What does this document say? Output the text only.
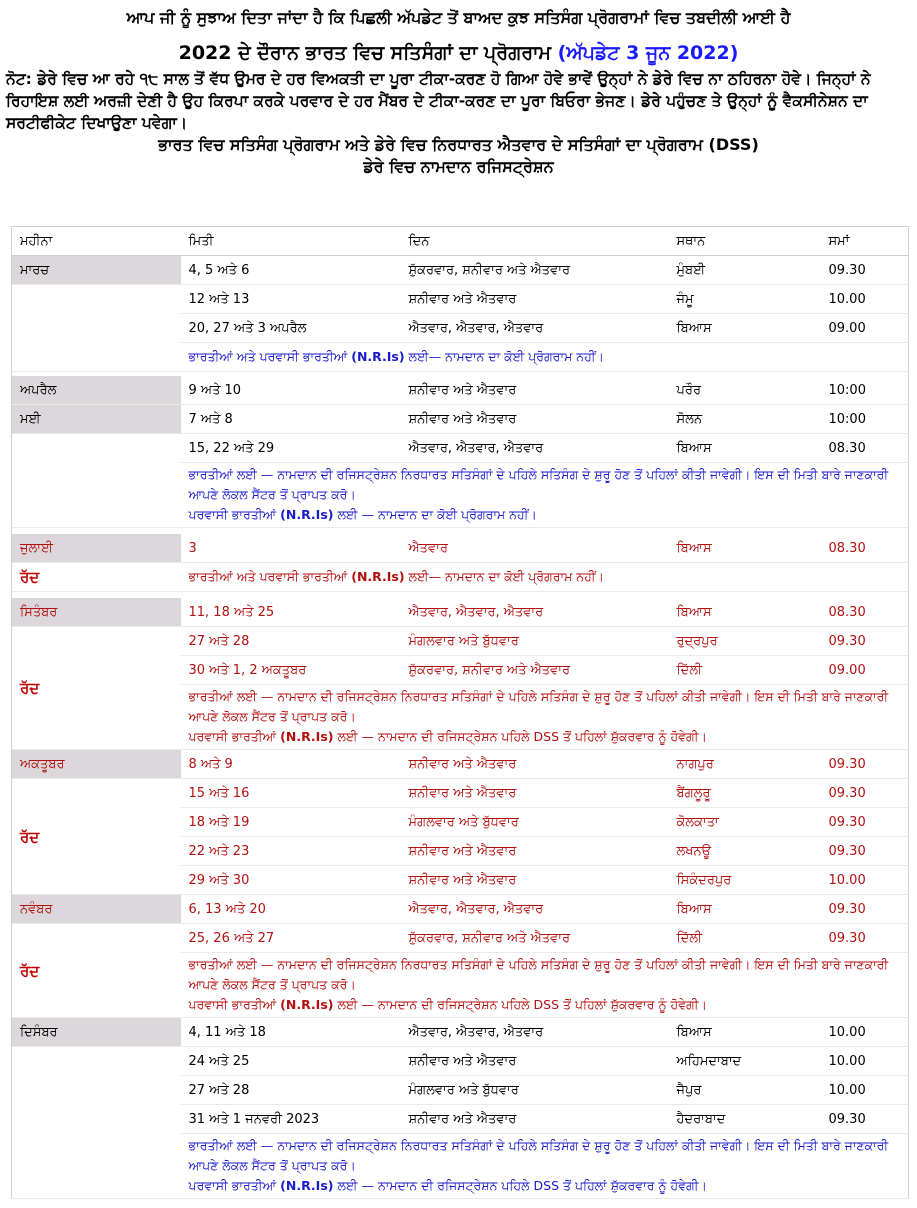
ਆਪ ਜੀ ਨੂੰ ਸੁਝਾਅ ਦਿਤਾ ਜਾਂਦਾ ਹੈ ਕਿ ਪਿਛਲੀ ਅੱਪਡੇਟ ਤੋਂ ਬਾਅਦ ਕੁਝ ਸਤਿਸੰਗ ਪ੍ਰੋਗਰਾਮਾਂ ਵਿਚ ਤਬਦੀਲੀ ਆਈ ਹੈ
2022 ਦੇ ਦੌਰਾਨ ਭਾਰਤ ਵਿਚ ਸਤਿਸੰਗਾਂ ਦਾ ਪ੍ਰੋਗਰਾਮ (ਅੱਪਡੇਟ 3 ਜੂਨ 2022)
ਨੋਟ: ਡੇਰੇ ਵਿਚ ਆ ਰਹੇ ੧੮ ਸਾਲ ਤੋਂ ਵੱਧ ਉਮਰ ਦੇ ਹਰ ਵਿਅਕਤੀ ਦਾ ਪੂਰਾ ਟੀਕਾ-ਕਰਣ ਹੋ ਗਿਆ ਹੋਵੇ ਭਾਵੇਂ ਉਨ੍ਹਾਂ ਨੇ ਡੇਰੇ ਵਿਚ ਨਾ ਠਹਿਰਨਾ ਹੋਵੇ। ਜਿਨ੍ਹਾਂ ਨੇ ਰਿਹਾਇਸ਼ ਲਈ ਅਰਜ਼ੀ ਦੇਣੀ ਹੈ ਉਹ ਕਿਰਪਾ ਕਰਕੇ ਪਰਵਾਰ ਦੇ ਹਰ ਮੈਂਬਰ ਦੇ ਟੀਕਾ-ਕਰਣ ਦਾ ਪੂਰਾ ਬਿਓਰਾ ਭੇਜਣ। ਡੇਰੇ ਪਹੁੰਚਣ ਤੇ ਉਨ੍ਹਾਂ ਨੂੰ ਵੈਕਸੀਨੇਸ਼ਨ ਦਾ ਸਰਟੀਫੀਕੇਟ ਦਿਖਾਉਣਾ ਪਵੇਗਾ।
ਭਾਰਤ ਵਿਚ ਸਤਿਸੰਗ ਪ੍ਰੋਗਰਾਮ ਅਤੇ ਡੇਰੇ ਵਿਚ ਨਿਰਧਾਰਤ ਐਤਵਾਰ ਦੇ ਸਤਿਸੰਗਾਂ ਦਾ ਪ੍ਰੋਗਰਾਮ (DSS)
ਡੇਰੇ ਵਿਚ ਨਾਮਦਾਨ ਰਜਿਸਟ੍ਰੇਸ਼ਨ
ਮਹੀਨਾ	ਮਿਤੀ	ਦਿਨ	ਸਥਾਨ	ਸਮਾਂ
ਮਾਰਚ	4, 5 ਅਤੇ 6	ਸ਼ੁੱਕਰਵਾਰ, ਸ਼ਨੀਵਾਰ ਅਤੇ ਐਤਵਾਰ	ਮੁੰਬਈ	09.30
	12 ਅਤੇ 13	ਸ਼ਨੀਵਾਰ ਅਤੇ ਐਤਵਾਰ	ਜੰਮੂ	10.00
	20, 27 ਅਤੇ 3 ਅਪਰੈਲ	ਐਤਵਾਰ, ਐਤਵਾਰ, ਐਤਵਾਰ	ਬਿਆਸ	09.00
	ਭਾਰਤੀਆਂ ਅਤੇ ਪਰਵਾਸੀ ਭਾਰਤੀਆਂ (N.R.Is) ਲਈ— ਨਾਮਦਾਨ ਦਾ ਕੋਈ ਪ੍ਰੋਗਰਾਮ ਨਹੀਂ।			

ਅਪਰੈਲ	9 ਅਤੇ 10	ਸ਼ਨੀਵਾਰ ਅਤੇ ਐਤਵਾਰ	ਪਰੌਰ	10:00
ਮਈ	7 ਅਤੇ 8	ਸ਼ਨੀਵਾਰ ਅਤੇ ਐਤਵਾਰ	ਸੋਲਨ	10:00
	15, 22 ਅਤੇ 29	ਐਤਵਾਰ, ਐਤਵਾਰ, ਐਤਵਾਰ	ਬਿਆਸ	08.30

	ਭਾਰਤੀਆਂ ਲਈ — ਨਾਮਦਾਨ ਦੀ ਰਜਿਸਟ੍ਰੇਸ਼ਨ ਨਿਰਧਾਰਤ ਸਤਿਸੰਗਾਂ ਦੇ ਪਹਿਲੇ ਸਤਿਸੰਗ ਦੇ ਸ਼ੁਰੂ ਹੋਣ ਤੋਂ ਪਹਿਲਾਂ ਕੀਤੀ ਜਾਵੇਗੀ। ਇਸ ਦੀ ਮਿਤੀ ਬਾਰੇ ਜਾਣਕਾਰੀ ਆਪਣੇ ਲੋਕਲ ਸੈਂਟਰ ਤੋਂ ਪ੍ਰਾਪਤ ਕਰੋ।
ਪਰਵਾਸੀ ਭਾਰਤੀਆਂ (N.R.Is) ਲਈ — ਨਾਮਦਾਨ ਦਾ ਕੋਈ ਪ੍ਰੋਗਰਾਮ ਨਹੀਂ।			

ਜੁਲਾਈ	3	ਐਤਵਾਰ	ਬਿਆਸ	08.30
ਰੱਦ	ਭਾਰਤੀਆਂ ਅਤੇ ਪਰਵਾਸੀ ਭਾਰਤੀਆਂ (N.R.Is) ਲਈ— ਨਾਮਦਾਨ ਦਾ ਕੋਈ ਪ੍ਰੋਗਰਾਮ ਨਹੀਂ।			

ਸਿਤੰਬਰ	11, 18 ਅਤੇ 25	ਐਤਵਾਰ, ਐਤਵਾਰ, ਐਤਵਾਰ	ਬਿਆਸ	08.30
ਰੱਦ	27 ਅਤੇ 28	ਮੰਗਲਵਾਰ ਅਤੇ ਬੁੱਧਵਾਰ	ਰੁਦ੍ਰਪੁਰ	09.30
	30 ਅਤੇ 1, 2 ਅਕਤੂਬਰ	ਸ਼ੁੱਕਰਵਾਰ, ਸ਼ਨੀਵਾਰ ਅਤੇ ਐਤਵਾਰ	ਦਿੱਲੀ	09.00

	ਭਾਰਤੀਆਂ ਲਈ — ਨਾਮਦਾਨ ਦੀ ਰਜਿਸਟ੍ਰੇਸ਼ਨ ਨਿਰਧਾਰਤ ਸਤਿਸੰਗਾਂ ਦੇ ਪਹਿਲੇ ਸਤਿਸੰਗ ਦੇ ਸ਼ੁਰੂ ਹੋਣ ਤੋਂ ਪਹਿਲਾਂ ਕੀਤੀ ਜਾਵੇਗੀ। ਇਸ ਦੀ ਮਿਤੀ ਬਾਰੇ ਜਾਣਕਾਰੀ ਆਪਣੇ ਲੋਕਲ ਸੈਂਟਰ ਤੋਂ ਪ੍ਰਾਪਤ ਕਰੋ।
ਪਰਵਾਸੀ ਭਾਰਤੀਆਂ (N.R.Is) ਲਈ — ਨਾਮਦਾਨ ਦੀ ਰਜਿਸਟ੍ਰੇਸ਼ਨ ਪਹਿਲੇ DSS ਤੋਂ ਪਹਿਲਾਂ ਸ਼ੁੱਕਰਵਾਰ ਨੂੰ ਹੋਵੇਗੀ।			

ਅਕਤੂਬਰ	8 ਅਤੇ 9	ਸ਼ਨੀਵਾਰ ਅਤੇ ਐਤਵਾਰ	ਨਾਗਪੁਰ	09.30
ਰੱਦ	15 ਅਤੇ 16	ਸ਼ਨੀਵਾਰ ਅਤੇ ਐਤਵਾਰ	ਬੈਂਗਲੂਰੂ	09.30
	18 ਅਤੇ 19	ਮੰਗਲਵਾਰ ਅਤੇ ਬੁੱਧਵਾਰ	ਕੋਲਕਾਤਾ	09.30
	22 ਅਤੇ 23	ਸ਼ਨੀਵਾਰ ਅਤੇ ਐਤਵਾਰ	ਲਖਨਊ	09.30
	29 ਅਤੇ 30	ਸ਼ਨੀਵਾਰ ਅਤੇ ਐਤਵਾਰ	ਸਿਕੰਦਰਪੁਰ	10.00
ਨਵੰਬਰ	6, 13 ਅਤੇ 20	ਐਤਵਾਰ, ਐਤਵਾਰ, ਐਤਵਾਰ	ਬਿਆਸ	09.30
ਰੱਦ	25, 26 ਅਤੇ 27	ਸ਼ੁੱਕਰਵਾਰ, ਸ਼ਨੀਵਾਰ ਅਤੇ ਐਤਵਾਰ	ਦਿੱਲੀ	09.30

	ਭਾਰਤੀਆਂ ਲਈ — ਨਾਮਦਾਨ ਦੀ ਰਜਿਸਟ੍ਰੇਸ਼ਨ ਨਿਰਧਾਰਤ ਸਤਿਸੰਗਾਂ ਦੇ ਪਹਿਲੇ ਸਤਿਸੰਗ ਦੇ ਸ਼ੁਰੂ ਹੋਣ ਤੋਂ ਪਹਿਲਾਂ ਕੀਤੀ ਜਾਵੇਗੀ। ਇਸ ਦੀ ਮਿਤੀ ਬਾਰੇ ਜਾਣਕਾਰੀ ਆਪਣੇ ਲੋਕਲ ਸੈਂਟਰ ਤੋਂ ਪ੍ਰਾਪਤ ਕਰੋ।
ਪਰਵਾਸੀ ਭਾਰਤੀਆਂ (N.R.Is) ਲਈ — ਨਾਮਦਾਨ ਦੀ ਰਜਿਸਟ੍ਰੇਸ਼ਨ ਪਹਿਲੇ DSS ਤੋਂ ਪਹਿਲਾਂ ਸ਼ੁੱਕਰਵਾਰ ਨੂੰ ਹੋਵੇਗੀ।			

ਦਿਸੰਬਰ	4, 11 ਅਤੇ 18	ਐਤਵਾਰ, ਐਤਵਾਰ, ਐਤਵਾਰ	ਬਿਆਸ	10.00
	24 ਅਤੇ 25	ਸ਼ਨੀਵਾਰ ਅਤੇ ਐਤਵਾਰ	ਅਹਿਮਦਾਬਾਦ	10.00
	27 ਅਤੇ 28	ਮੰਗਲਵਾਰ ਅਤੇ ਬੁੱਧਵਾਰ	ਜੈਪੁਰ	10.00
	31 ਅਤੇ 1 ਜਨਵਰੀ 2023	ਸ਼ਨੀਵਾਰ ਅਤੇ ਐਤਵਾਰ	ਹੈਦਰਾਬਾਦ	09.30

	ਭਾਰਤੀਆਂ ਲਈ — ਨਾਮਦਾਨ ਦੀ ਰਜਿਸਟ੍ਰੇਸ਼ਨ ਨਿਰਧਾਰਤ ਸਤਿਸੰਗਾਂ ਦੇ ਪਹਿਲੇ ਸਤਿਸੰਗ ਦੇ ਸ਼ੁਰੂ ਹੋਣ ਤੋਂ ਪਹਿਲਾਂ ਕੀਤੀ ਜਾਵੇਗੀ। ਇਸ ਦੀ ਮਿਤੀ ਬਾਰੇ ਜਾਣਕਾਰੀ ਆਪਣੇ ਲੋਕਲ ਸੈਂਟਰ ਤੋਂ ਪ੍ਰਾਪਤ ਕਰੋ।
ਪਰਵਾਸੀ ਭਾਰਤੀਆਂ (N.R.Is) ਲਈ — ਨਾਮਦਾਨ ਦੀ ਰਜਿਸਟ੍ਰੇਸ਼ਨ ਪਹਿਲੇ DSS ਤੋਂ ਪਹਿਲਾਂ ਸ਼ੁੱਕਰਵਾਰ ਨੂੰ ਹੋਵੇਗੀ।			
